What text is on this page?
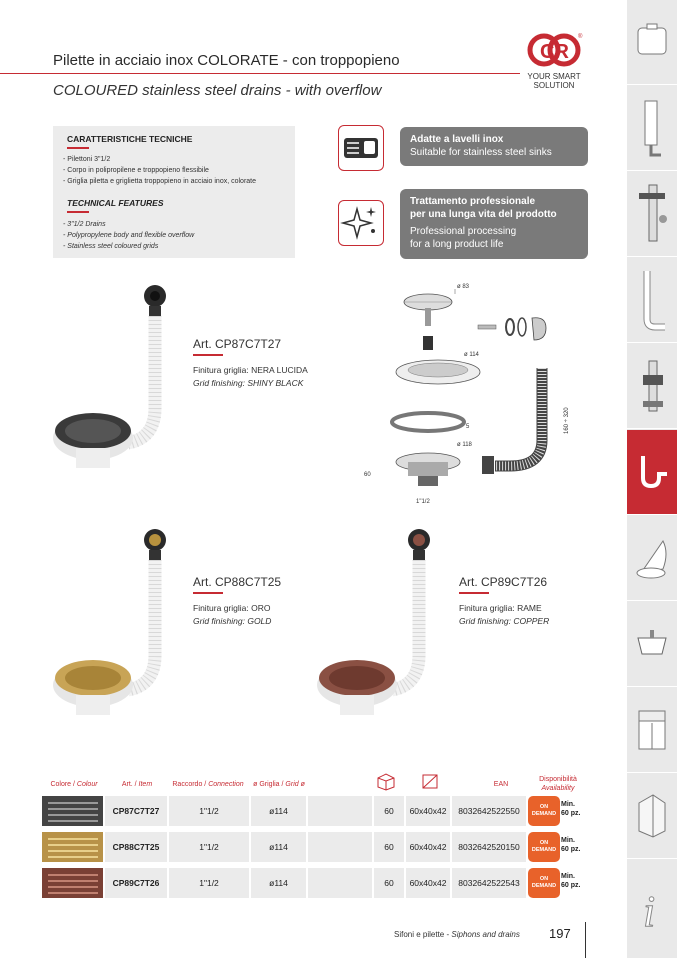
Pilette in acciaio inox COLORATE - con troppopieno
COLOURED stainless steel drains - with overflow
CR
®
YOUR SMART
SOLUTION
CARATTERISTICHE TECNICHE
- Pilettoni 3"1/2
- Corpo in polipropilene e troppopieno flessibile
- Griglia piletta e griglietta troppopieno in acciaio inox, colorate
TECHNICAL FEATURES
- 3"1/2 Drains
- Polypropylene body and flexible overflow
- Stainless steel coloured grids
Adatte a lavelli inox
Suitable for stainless steel sinks
Trattamento professionale
per una lunga vita del prodotto
Professional processing
for a long product life
Art. CP87C7T27
Finitura griglia: NERA LUCIDA
Grid finishing: SHINY BLACK
Art. CP88C7T25
Finitura griglia: ORO
Grid finishing: GOLD
Art. CP89C7T26
Finitura griglia: RAME
Grid finishing: COPPER
ø 83
ø 114
5
ø 118
60
1"1/2
160 ÷ 320
Colore / Colour	Art. / Item	Raccordo / Connection	ø Griglia / Grid ø	EAN
Disponibilità
Availability
CP87C7T27	1"1/2	ø114	60	60x40x42	8032642522550	ON
DEMAND
Min.
60 pz.
CP88C7T25	1"1/2	ø114	60	60x40x42	8032642520150	ON
DEMAND
Min.
60 pz.
CP89C7T26	1"1/2	ø114	60	60x40x42	8032642522543	ON
DEMAND
Min.
60 pz.
Sifoni e pilette - Siphons and drains 197 i
